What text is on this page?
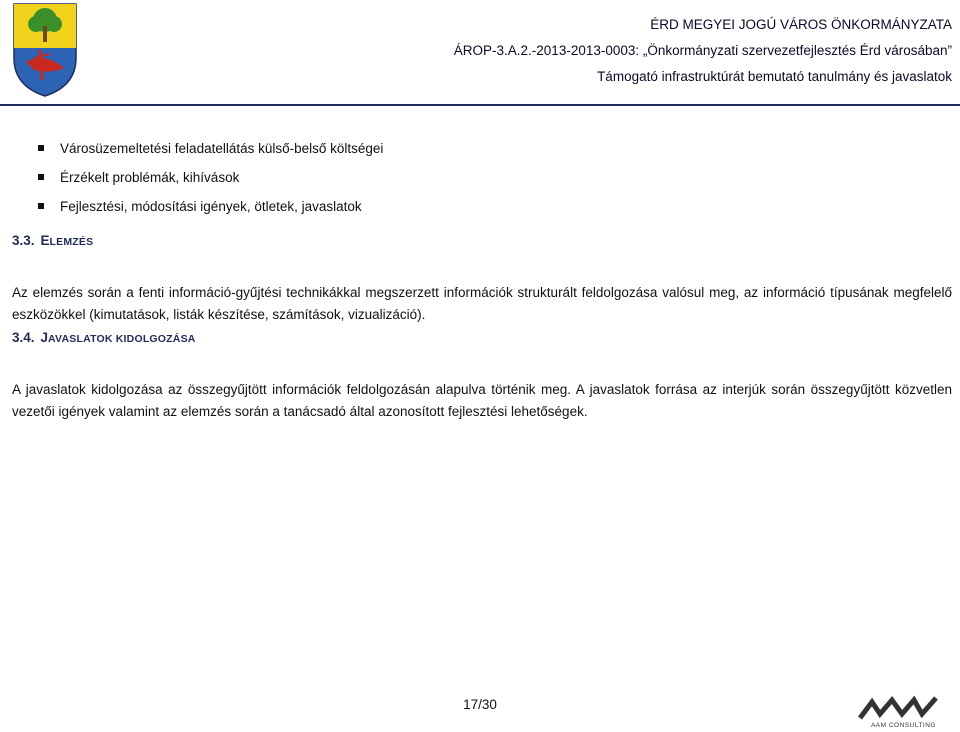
ÉRD MEGYEI JOGÚ VÁROS ÖNKORMÁNYZATA
ÁROP-3.A.2.-2013-2013-0003: „Önkormányzati szervezetfejlesztés Érd városában”
Támogató infrastruktúrát bemutató tanulmány és javaslatok
Városüzemeltetési feladatellátás külső-belső költségei
Érzékelt problémák, kihívások
Fejlesztési, módosítási igények, ötletek, javaslatok
3.3. ELEMZÉS

Az elemzés során a fenti információ-gyűjtési technikákkal megszerzett információk strukturált feldolgozása valósul meg, az információ típusának megfelelő eszközökkel (kimutatások, listák készítése, számítások, vizualizáció).

3.4. JAVASLATOK KIDOLGOZÁSA

A javaslatok kidolgozása az összegyűjtött információk feldolgozásán alapulva történik meg. A javaslatok forrása az interjúk során összegyűjtött közvetlen vezetői igények valamint az elemzés során a tanácsadó által azonosított fejlesztési lehetőségek.

17/30
AAM CONSULTING
